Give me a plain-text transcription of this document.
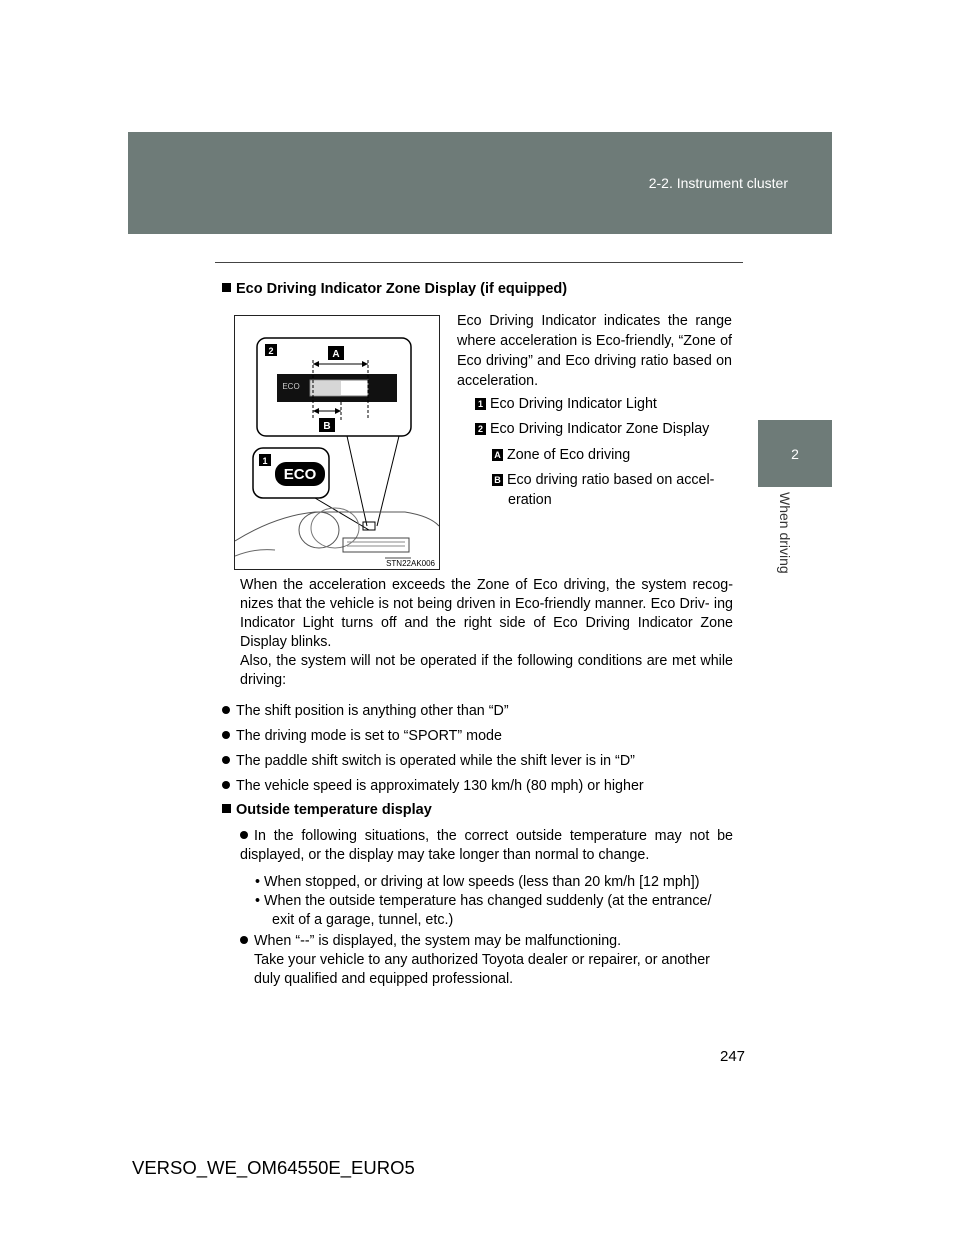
2-2. Instrument cluster
2
When driving
Eco Driving Indicator Zone Display (if equipped)
2	A
ECO
B
1
ECO
STN22AK006
Eco Driving Indicator indicates the range where acceleration is Eco-friendly, “Zone of Eco driving” and Eco driving ratio based on acceleration.
1 Eco Driving Indicator Light
2 Eco Driving Indicator Zone Display
A Zone of Eco driving
B Eco driving ratio based on accel-
eration
When the acceleration exceeds the Zone of Eco driving, the system recog- nizes that the vehicle is not being driven in Eco-friendly manner. Eco Driv- ing Indicator Light turns off and the right side of Eco Driving Indicator Zone Display blinks.
Also, the system will not be operated if the following conditions are met while driving:
The shift position is anything other than “D”
The driving mode is set to “SPORT” mode
The paddle shift switch is operated while the shift lever is in “D”
The vehicle speed is approximately 130 km/h (80 mph) or higher
Outside temperature display
In the following situations, the correct outside temperature may not be displayed, or the display may take longer than normal to change.
• When stopped, or driving at low speeds (less than 20 km/h [12 mph])
• When the outside temperature has changed suddenly (at the entrance/
exit of a garage, tunnel, etc.)
When “--” is displayed, the system may be malfunctioning.
Take your vehicle to any authorized Toyota dealer or repairer, or another duly qualified and equipped professional.
247
VERSO_WE_OM64550E_EURO5
